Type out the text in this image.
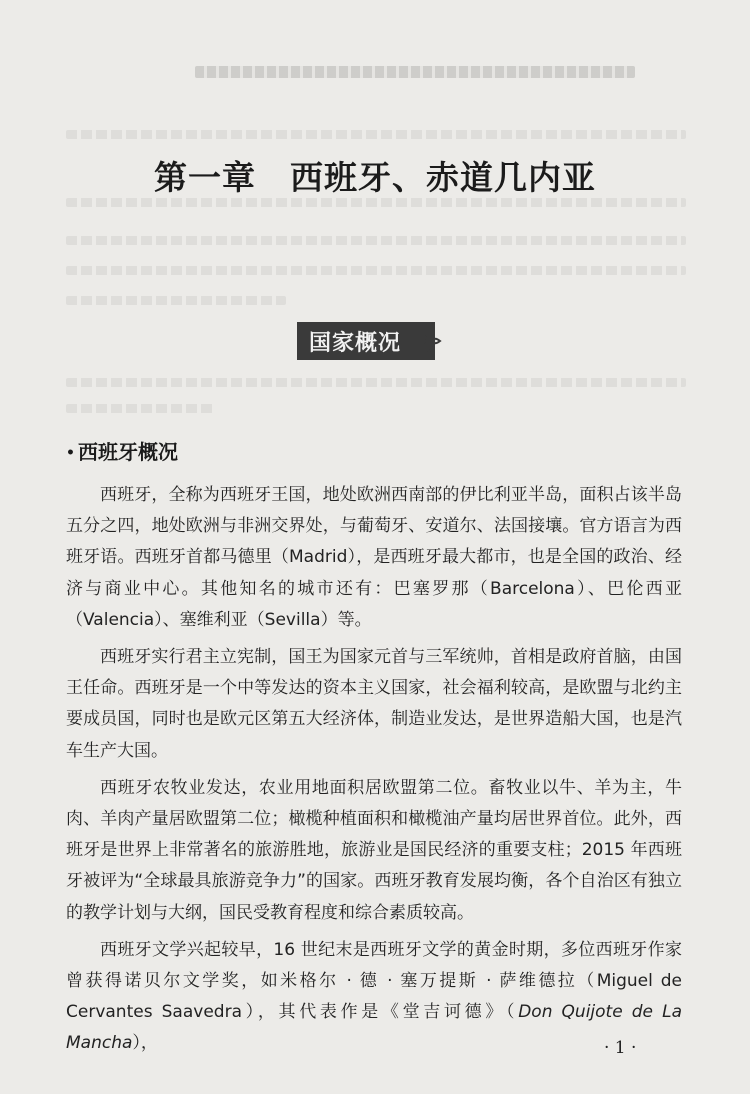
第一章　西班牙、赤道几内亚
国家概况
• 西班牙概况

西班牙，全称为西班牙王国，地处欧洲西南部的伊比利亚半岛，面积占该半岛五分之四，地处欧洲与非洲交界处，与葡萄牙、安道尔、法国接壤。官方语言为西班牙语。西班牙首都马德里（Madrid），是西班牙最大都市，也是全国的政治、经济与商业中心。其他知名的城市还有：巴塞罗那（Barcelona）、巴伦西亚（Valencia）、塞维利亚（Sevilla）等。

西班牙实行君主立宪制，国王为国家元首与三军统帅，首相是政府首脑，由国王任命。西班牙是一个中等发达的资本主义国家，社会福利较高，是欧盟与北约主要成员国，同时也是欧元区第五大经济体，制造业发达，是世界造船大国，也是汽车生产大国。

西班牙农牧业发达，农业用地面积居欧盟第二位。畜牧业以牛、羊为主，牛肉、羊肉产量居欧盟第二位；橄榄种植面积和橄榄油产量均居世界首位。此外，西班牙是世界上非常著名的旅游胜地，旅游业是国民经济的重要支柱；2015 年西班牙被评为“全球最具旅游竞争力”的国家。西班牙教育发展均衡，各个自治区有独立的教学计划与大纲，国民受教育程度和综合素质较高。

西班牙文学兴起较早，16 世纪末是西班牙文学的黄金时期，多位西班牙作家曾获得诺贝尔文学奖，如米格尔 · 德 · 塞万提斯 · 萨维德拉（Miguel de Cervantes Saavedra），其代表作是《堂吉诃德》（Don Quijote de La Mancha），	· 1 ·
